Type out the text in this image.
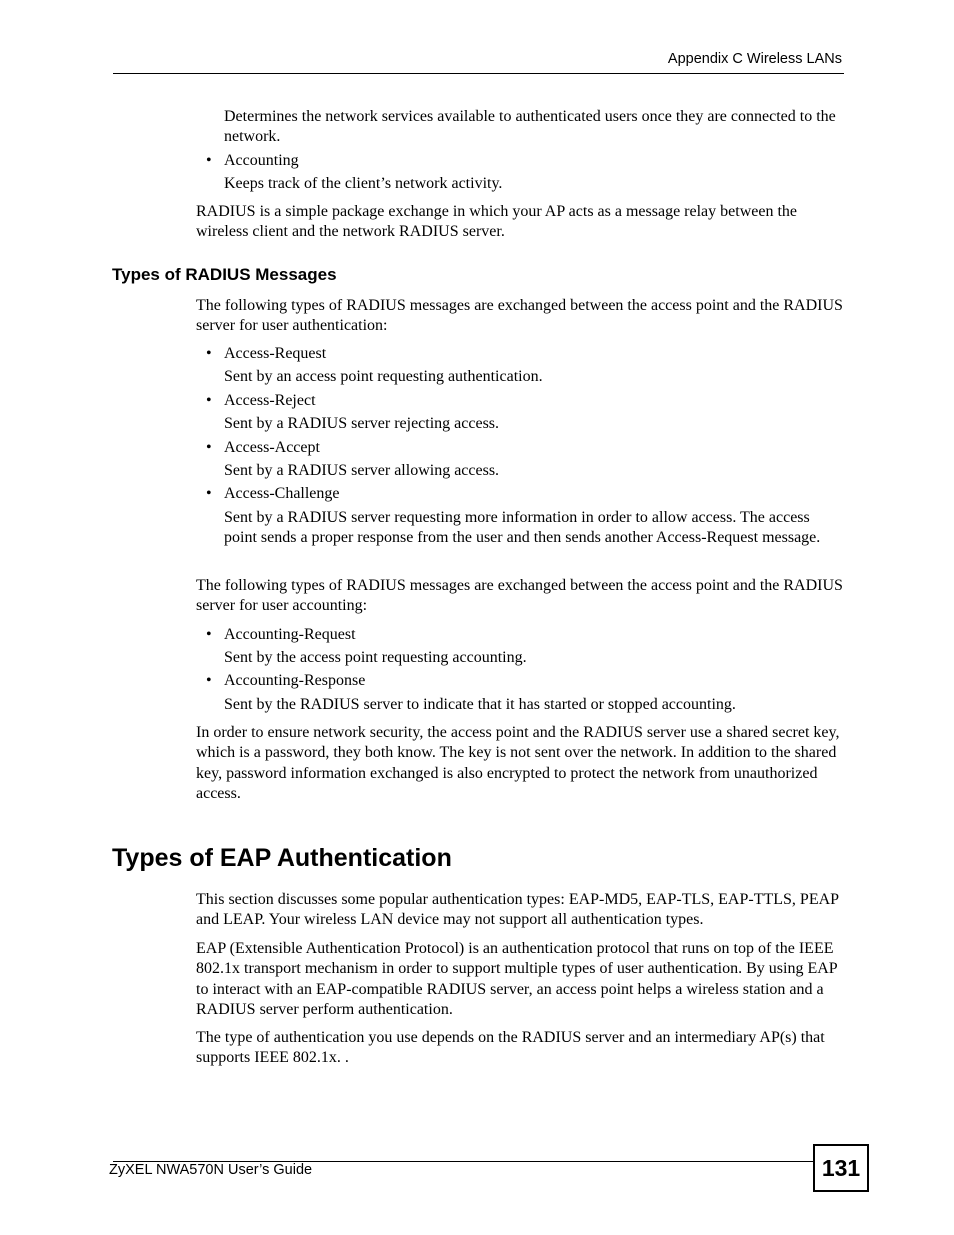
Appendix C Wireless LANs

Determines the network services available to authenticated users once they are connected to the network.

• Accounting

Keeps track of the client’s network activity.

RADIUS is a simple package exchange in which your AP acts as a message relay between the wireless client and the network RADIUS server.

Types of RADIUS Messages

The following types of RADIUS messages are exchanged between the access point and the RADIUS server for user authentication:

• Access-Request

Sent by an access point requesting authentication.

• Access-Reject

Sent by a RADIUS server rejecting access.

• Access-Accept

Sent by a RADIUS server allowing access.

• Access-Challenge

Sent by a RADIUS server requesting more information in order to allow access. The access point sends a proper response from the user and then sends another Access-Request message.

The following types of RADIUS messages are exchanged between the access point and the RADIUS server for user accounting:

• Accounting-Request

Sent by the access point requesting accounting.

• Accounting-Response

Sent by the RADIUS server to indicate that it has started or stopped accounting.

In order to ensure network security, the access point and the RADIUS server use a shared secret key, which is a password, they both know. The key is not sent over the network. In addition to the shared key, password information exchanged is also encrypted to protect the network from unauthorized access.

Types of EAP Authentication

This section discusses some popular authentication types: EAP-MD5, EAP-TLS, EAP-TTLS, PEAP and LEAP. Your wireless LAN device may not support all authentication types.

EAP (Extensible Authentication Protocol) is an authentication protocol that runs on top of the IEEE 802.1x transport mechanism in order to support multiple types of user authentication. By using EAP to interact with an EAP-compatible RADIUS server, an access point helps a wireless station and a RADIUS server perform authentication.

The type of authentication you use depends on the RADIUS server and an intermediary AP(s) that supports IEEE 802.1x. .

ZyXEL NWA570N User’s Guide	131
